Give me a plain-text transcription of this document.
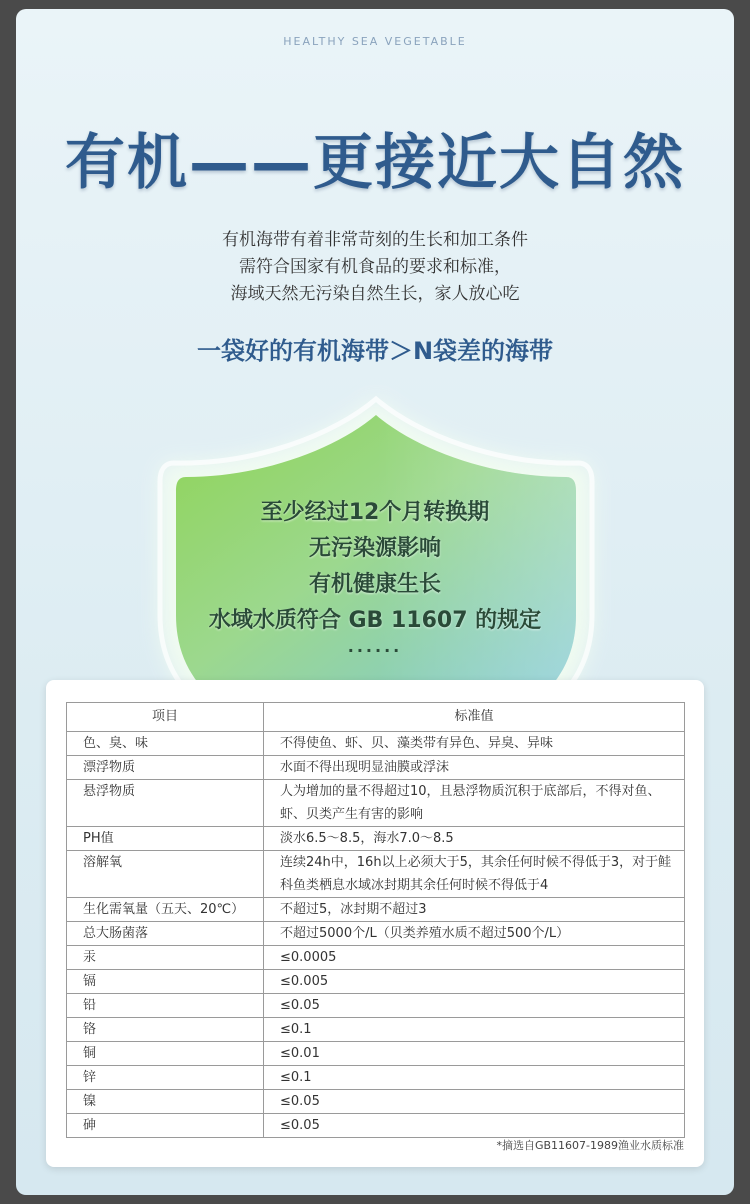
HEALTHY SEA VEGETABLE
有机——更接近大自然
有机海带有着非常苛刻的生长和加工条件
需符合国家有机食品的要求和标准，
海域天然无污染自然生长，家人放心吃
一袋好的有机海带＞N袋差的海带
至少经过12个月转换期
无污染源影响
有机健康生长
水域水质符合 GB 11607 的规定
······
项目	标准值
色、臭、味	不得使鱼、虾、贝、藻类带有异色、异臭、异味
漂浮物质	水面不得出现明显油膜或浮沫
悬浮物质	人为增加的量不得超过10，且悬浮物质沉积于底部后，不得对鱼、虾、贝类产生有害的影响
PH值	淡水6.5～8.5，海水7.0～8.5
溶解氧	连续24h中，16h以上必须大于5，其余任何时候不得低于3，对于鲑科鱼类栖息水域冰封期其余任何时候不得低于4
生化需氧量（五天、20℃）	不超过5，冰封期不超过3
总大肠菌落	不超过5000个/L（贝类养殖水质不超过500个/L）
汞	≤0.0005
镉	≤0.005
铅	≤0.05
铬	≤0.1
铜	≤0.01
锌	≤0.1
镍	≤0.05
砷	≤0.05
*摘选自GB11607-1989渔业水质标准
